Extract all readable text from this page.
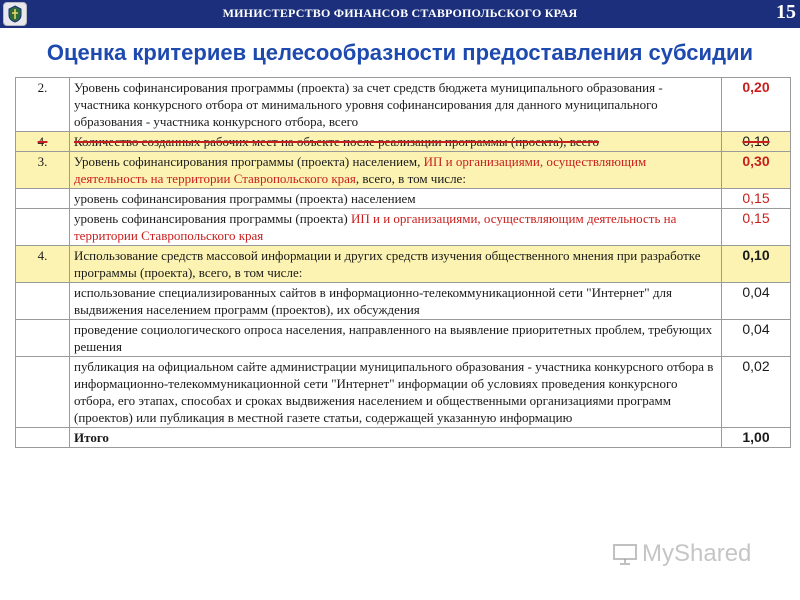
МИНИСТЕРСТВО ФИНАНСОВ СТАВРОПОЛЬСКОГО КРАЯ	15
Оценка критериев целесообразности предоставления субсидии
2.	Уровень софинансирования программы (проекта) за счет средств бюджета муниципального образования - участника конкурсного отбора от минимального уровня софинансирования для данного муниципального образования - участника конкурсного отбора, всего	0,20
4.	Количество созданных рабочих мест на объекте после реализации программы (проекта), всего	0,10
3.	Уровень софинансирования программы (проекта) населением, ИП и организациями, осуществляющим деятельность на территории Ставропольского края, всего, в том числе:	0,30
	уровень софинансирования программы (проекта) населением	0,15
	уровень софинансирования программы (проекта) ИП и и организациями, осуществляющим деятельность на территории Ставропольского края	0,15
4.	Использование средств массовой информации и других средств изучения общественного мнения при разработке программы (проекта), всего, в том числе:	0,10
	использование специализированных сайтов в информационно-телекоммуникационной сети "Интернет" для выдвижения населением программ (проектов), их обсуждения	0,04
	проведение социологического опроса населения, направленного на выявление приоритетных проблем, требующих решения	0,04
	публикация на официальном сайте администрации муниципального образования - участника конкурсного отбора в информационно-телекоммуникационной сети "Интернет" информации об условиях проведения конкурсного отбора, его этапах, способах и сроках выдвижения населением и общественными организациями программ (проектов) или публикация в местной газете статьи, содержащей указанную информацию	0,02
	Итого	1,00
MyShared
